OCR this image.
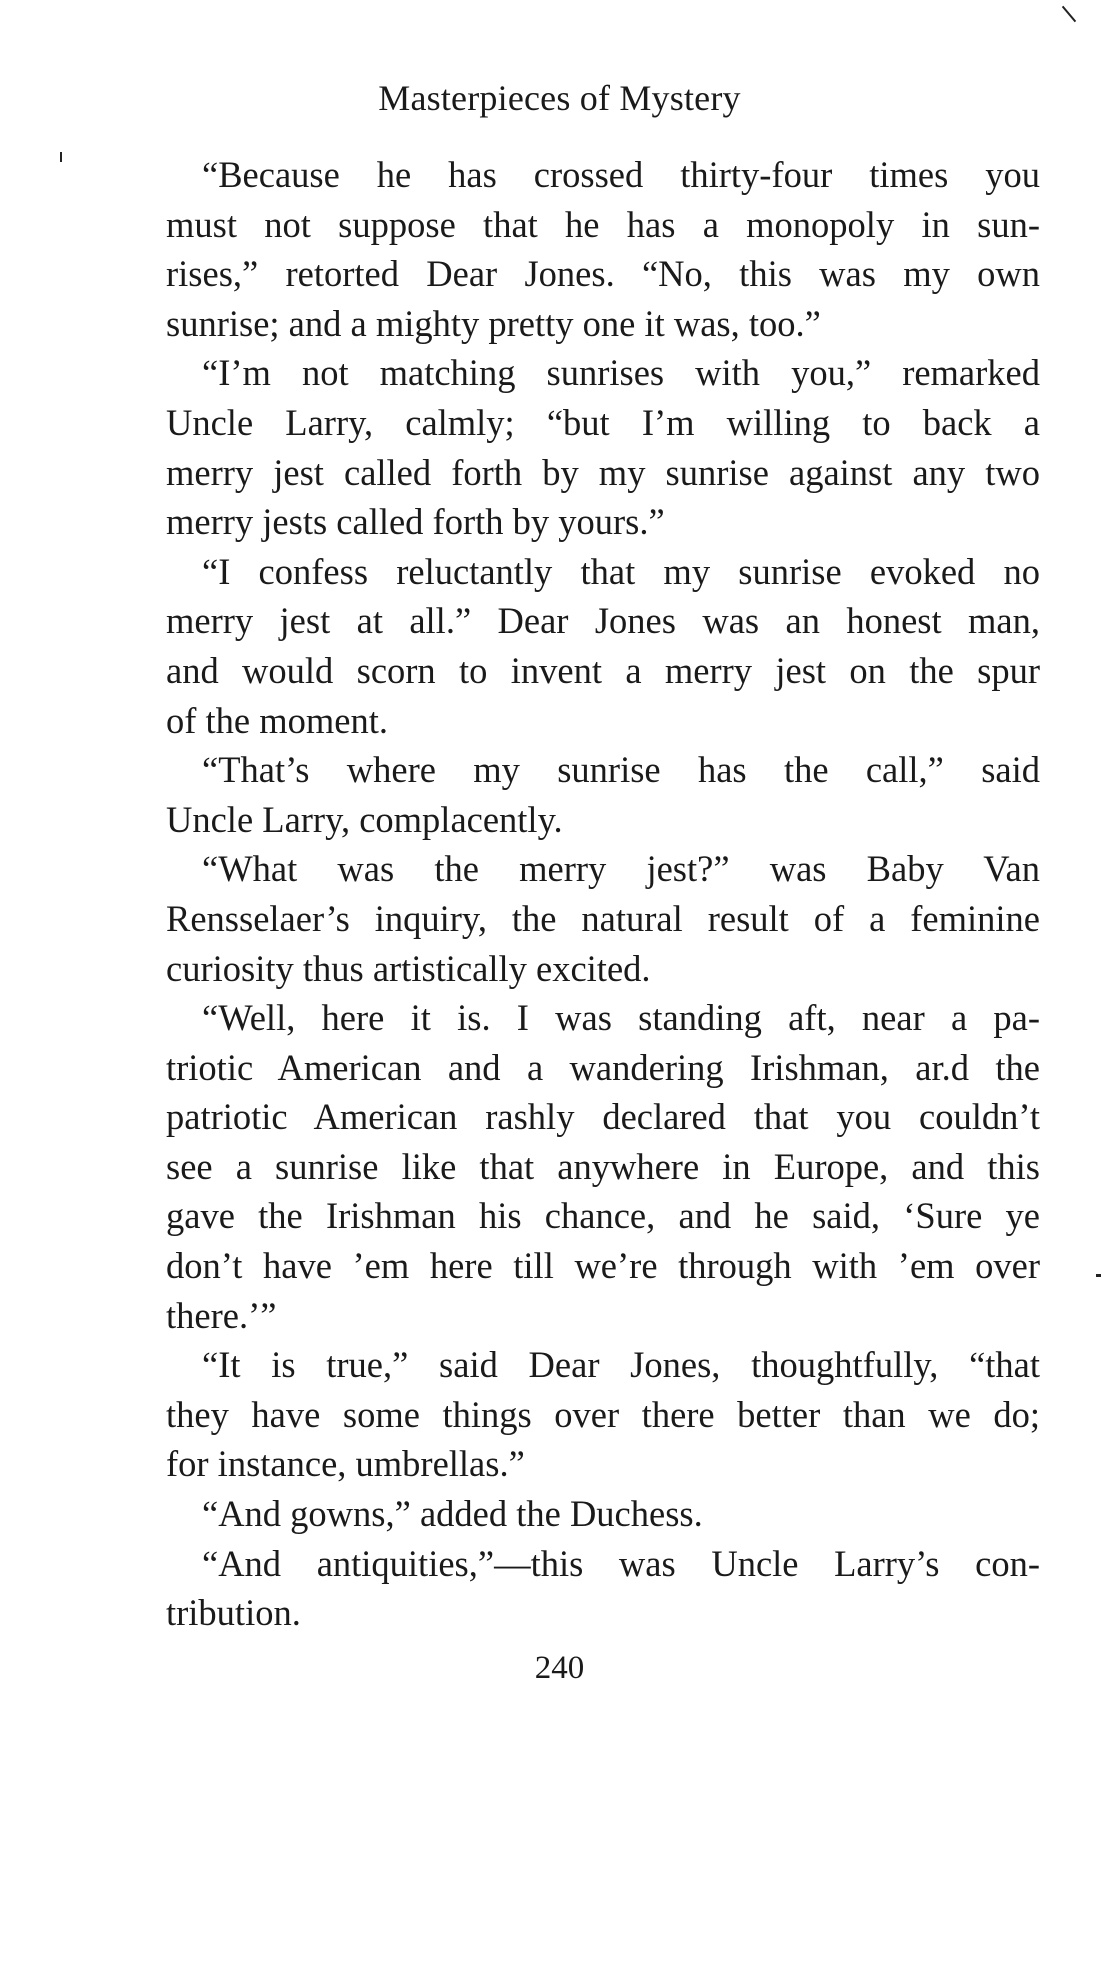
Masterpieces of Mystery
“Because he has crossed thirty-four times you
must not suppose that he has a monopoly in sun-
rises,” retorted Dear Jones. “No, this was my own
sunrise; and a mighty pretty one it was, too.”
“I’m not matching sunrises with you,” remarked
Uncle Larry, calmly; “but I’m willing to back a
merry jest called forth by my sunrise against any two
merry jests called forth by yours.”
“I confess reluctantly that my sunrise evoked no
merry jest at all.” Dear Jones was an honest man,
and would scorn to invent a merry jest on the spur
of the moment.
“That’s where my sunrise has the call,” said
Uncle Larry, complacently.
“What was the merry jest?” was Baby Van
Rensselaer’s inquiry, the natural result of a feminine
curiosity thus artistically excited.
“Well, here it is. I was standing aft, near a pa-
triotic American and a wandering Irishman, ar.d the
patriotic American rashly declared that you couldn’t
see a sunrise like that anywhere in Europe, and this
gave the Irishman his chance, and he said, ‘Sure ye
don’t have ’em here till we’re through with ’em over
there.’”
“It is true,” said Dear Jones, thoughtfully, “that
they have some things over there better than we do;
for instance, umbrellas.”
“And gowns,” added the Duchess.
“And antiquities,”—this was Uncle Larry’s con-
tribution.
240
